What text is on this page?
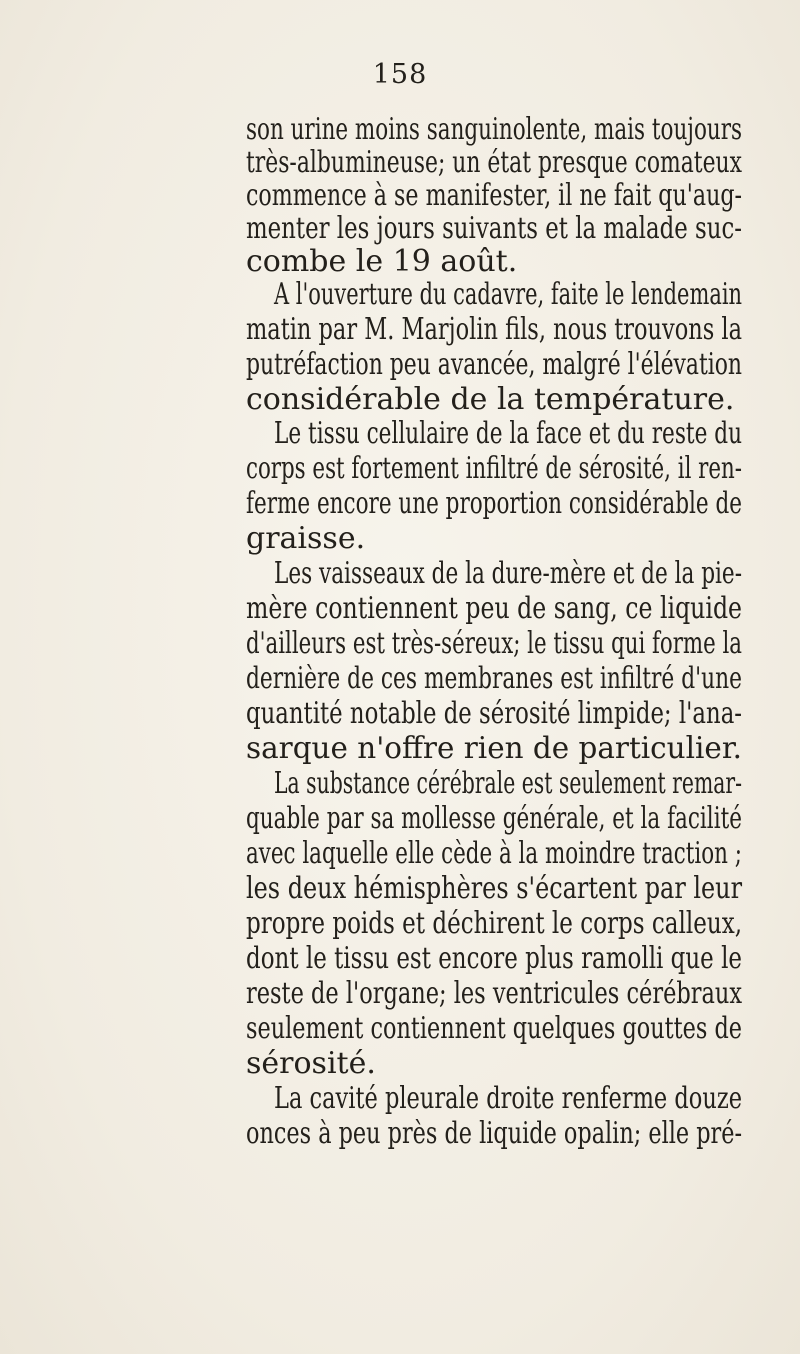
158
son urine moins sanguinolente, mais toujours
très-albumineuse; un état presque comateux
commence à se manifester, il ne fait qu'aug-
menter les jours suivants et la malade suc-
combe le 19 août.
A l'ouverture du cadavre, faite le lendemain
matin par M. Marjolin fils, nous trouvons la
putréfaction peu avancée, malgré l'élévation
considérable de la température.
Le tissu cellulaire de la face et du reste du
corps est fortement infiltré de sérosité, il ren-
ferme encore une proportion considérable de
graisse.
Les vaisseaux de la dure-mère et de la pie-
mère contiennent peu de sang, ce liquide
d'ailleurs est très-séreux; le tissu qui forme la
dernière de ces membranes est infiltré d'une
quantité notable de sérosité limpide; l'ana-
sarque n'offre rien de particulier.
La substance cérébrale est seulement remar-
quable par sa mollesse générale, et la facilité
avec laquelle elle cède à la moindre traction ;
les deux hémisphères s'écartent par leur
propre poids et déchirent le corps calleux,
dont le tissu est encore plus ramolli que le
reste de l'organe; les ventricules cérébraux
seulement contiennent quelques gouttes de
sérosité.
La cavité pleurale droite renferme douze
onces à peu près de liquide opalin; elle pré-
